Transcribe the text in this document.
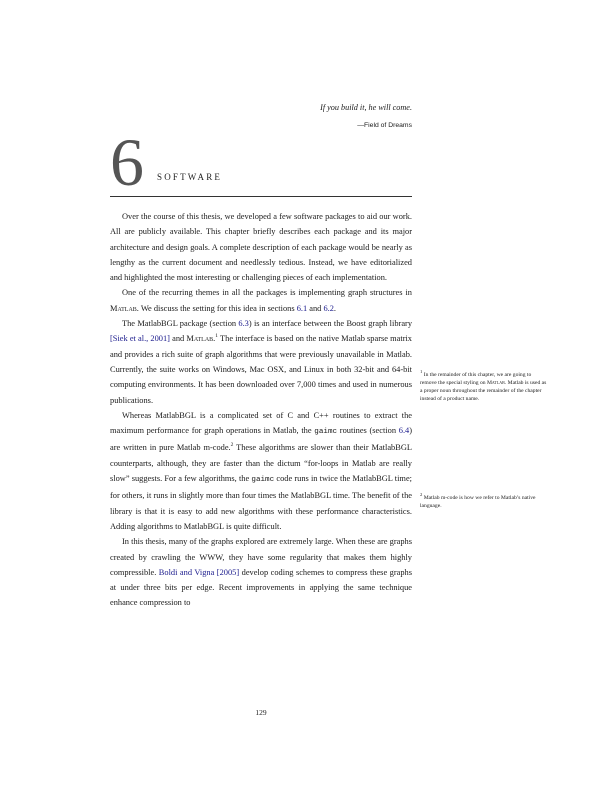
If you build it, he will come.
—Field of Dreams
6 SOFTWARE

Over the course of this thesis, we developed a few software packages to aid our work. All are publicly available. This chapter briefly describes each package and its major architecture and design goals. A complete description of each package would be nearly as lengthy as the current document and needlessly tedious. Instead, we have editorialized and highlighted the most interesting or challenging pieces of each implementation.

One of the recurring themes in all the packages is implementing graph structures in Matlab. We discuss the setting for this idea in sections 6.1 and 6.2.

The MatlabBGL package (section 6.3) is an interface between the Boost graph library [Siek et al., 2001] and Matlab.$^1$ The interface is based on the native Matlab sparse matrix and provides a rich suite of graph algorithms that were previously unavailable in Matlab. Currently, the suite works on Windows, Mac OSX, and Linux in both 32-bit and 64-bit computing environments. It has been downloaded over 7,000 times and used in numerous publications.

Whereas MatlabBGL is a complicated set of C and C++ routines to extract the maximum performance for graph operations in Matlab, the gaimc routines (section 6.4) are written in pure Matlab m-code.$^2$ These algorithms are slower than their MatlabBGL counterparts, although, they are faster than the dictum “for-loops in Matlab are really slow” suggests. For a few algorithms, the gaimc code runs in twice the MatlabBGL time; for others, it runs in slightly more than four times the MatlabBGL time. The benefit of the library is that it is easy to add new algorithms with these performance characteristics. Adding algorithms to MatlabBGL is quite difficult.

In this thesis, many of the graphs explored are extremely large. When these are graphs created by crawling the WWW, they have some regularity that makes them highly compressible. Boldi and Vigna [2005] develop coding schemes to compress these graphs at under three bits per edge. Recent improvements in applying the same technique enhance compression to

$^1$ In the remainder of this chapter, we are going to remove the special styling on Matlab. Matlab is used as a proper noun throughout the remainder of the chapter instead of a product name.
$^2$ Matlab m-code is how we refer to Matlab’s native language.
129
